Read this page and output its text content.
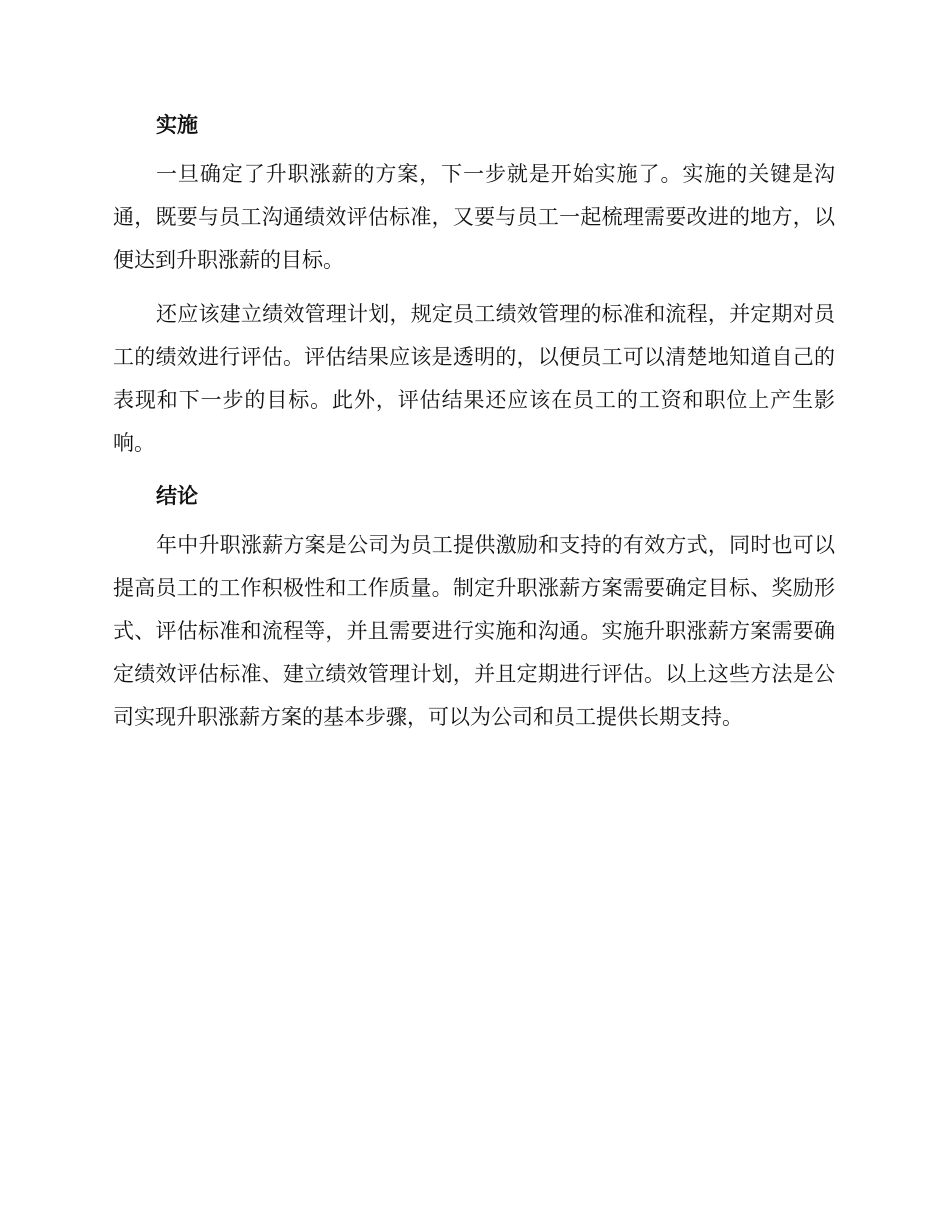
实施

一旦确定了升职涨薪的方案，下一步就是开始实施了。实施的关键是沟通，既要与员工沟通绩效评估标准，又要与员工一起梳理需要改进的地方，以便达到升职涨薪的目标。

还应该建立绩效管理计划，规定员工绩效管理的标准和流程，并定期对员工的绩效进行评估。评估结果应该是透明的，以便员工可以清楚地知道自己的表现和下一步的目标。此外，评估结果还应该在员工的工资和职位上产生影响。

结论

年中升职涨薪方案是公司为员工提供激励和支持的有效方式，同时也可以提高员工的工作积极性和工作质量。制定升职涨薪方案需要确定目标、奖励形式、评估标准和流程等，并且需要进行实施和沟通。实施升职涨薪方案需要确定绩效评估标准、建立绩效管理计划，并且定期进行评估。以上这些方法是公司实现升职涨薪方案的基本步骤，可以为公司和员工提供长期支持。
